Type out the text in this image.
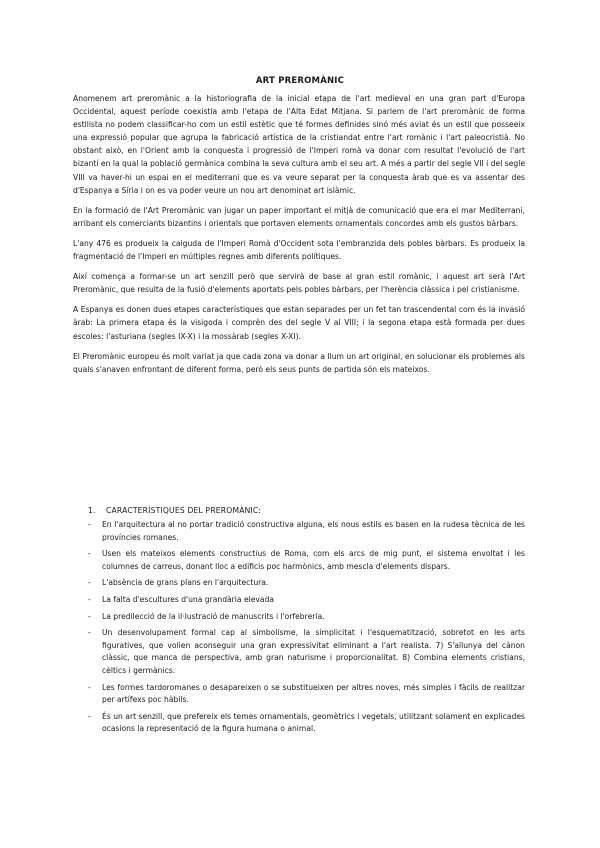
ART PREROMÀNIC

Anomenem art preromànic a la historiografia de la inicial etapa de l'art medieval en una gran part d'Europa Occidental, aquest període coexistia amb l'etapa de l'Alta Edat Mitjana. Si parlem de l'art preromànic de forma estilista no podem classificar-ho com un estil estètic que té formes definides sinó més aviat és un estil que posseeix una expressió popular que agrupa la fabricació artística de la cristiandat entre l'art romànic i l'art paleocristià. No obstant això, en l'Orient amb la conquesta i progressió de l'Imperi romà va donar com resultat l'evolució de l'art bizantí en la qual la població germànica combina la seva cultura amb el seu art. A més a partir del segle VII i del segle VIII va haver-hi un espai en el mediterrani que es va veure separat per la conquesta àrab que es va assentar des d'Espanya a Síria i on es va poder veure un nou art denominat art islàmic.

En la formació de l'Art Preromànic van jugar un paper important el mitjà de comunicació que era el mar Mediterrani, arribant els comerciants bizantins i orientals que portaven elements ornamentals concordes amb els gustos bàrbars.

L'any 476 es produeix la caiguda de l'Imperi Romà d'Occident sota l'embranzida dels pobles bàrbars. Es produeix la fragmentació de l'Imperi en múltiples regnes amb diferents polítiques.

Així comença a formar-se un art senzill però que servirà de base al gran estil romànic, i aquest art serà l'Art Preromànic, que resulta de la fusió d'elements aportats pels pobles bàrbars, per l'herència clàssica i pel cristianisme.

A Espanya es donen dues etapes característiques que estan separades per un fet tan trascendental com és la invasió àrab: La primera etapa és la visigoda i comprèn des del segle V al VIII; i la segona etapa està formada per dues escoles: l'asturiana (segles IX-X) i la mossàrab (segles X-XI).

El Preromànic europeu és molt variat ja que cada zona va donar a llum un art original, en solucionar els problemes als quals s'anaven enfrontant de diferent forma, però els seus punts de partida són els mateixos.

1. CARACTERÍSTIQUES DEL PREROMÀNIC:
- En l'arquitectura al no portar tradició constructiva alguna, els nous estils es basen en la rudesa tècnica de les províncies romanes.
- Usen els mateixos elements constructius de Roma, com els arcs de mig punt, el sistema envoltat i les columnes de carreus, donant lloc a edificis poc harmònics, amb mescla d'elements dispars.
- L'absència de grans plans en l'arquitectura.
- La falta d'escultures d'una grandària elevada
- La predilecció de la il·lustració de manuscrits i l'orfebreria.
- Un desenvolupament formal cap al simbolisme, la simplicitat i l'esquematització, sobretot en les arts figuratives, que volien aconseguir una gran expressivitat eliminant a l'art realista. 7) S'allunya del cànon clàssic, que manca de perspectiva, amb gran naturisme i proporcionalitat. 8) Combina elements cristians, cèltics i germànics.
- Les formes tardoromanes o desapareixen o se substitueixen per altres noves, més simples i fàcils de realitzar per artífexs poc hàbils.
- És un art senzill, que prefereix els temes ornamentals, geomètrics i vegetals, utilitzant solament en explicades ocasions la representació de la figura humana o animal.
